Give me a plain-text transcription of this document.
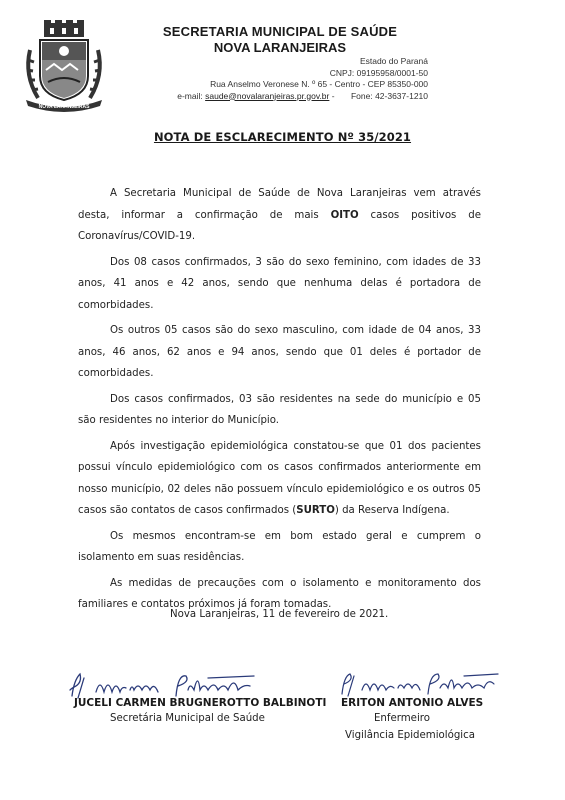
NOVA LARANJEIRAS
SECRETARIA MUNICIPAL DE SAÚDE
NOVA LARANJEIRAS
Estado do Paraná
CNPJ: 09195958/0001-50
Rua Anselmo Veronese N. º 65 - Centro - CEP 85350-000
e-mail: saude@novalaranjeiras.pr.gov.br - Fone: 42-3637-1210
NOTA DE ESCLARECIMENTO Nº 35/2021

A Secretaria Municipal de Saúde de Nova Laranjeiras vem através desta, informar a confirmação de mais OITO casos positivos de Coronavírus/COVID-19.

Dos 08 casos confirmados, 3 são do sexo feminino, com idades de 33 anos, 41 anos e 42 anos, sendo que nenhuma delas é portadora de comorbidades.

Os outros 05 casos são do sexo masculino, com idade de 04 anos, 33 anos, 46 anos, 62 anos e 94 anos, sendo que 01 deles é portador de comorbidades.

Dos casos confirmados, 03 são residentes na sede do município e 05 são residentes no interior do Município.

Após investigação epidemiológica constatou-se que 01 dos pacientes possui vínculo epidemiológico com os casos confirmados anteriormente em nosso município, 02 deles não possuem vínculo epidemiológico e os outros 05 casos são contatos de casos confirmados (SURTO) da Reserva Indígena.

Os mesmos encontram-se em bom estado geral e cumprem o isolamento em suas residências.

As medidas de precauções com o isolamento e monitoramento dos familiares e contatos próximos já foram tomadas.

Nova Laranjeiras, 11 de fevereiro de 2021.
JUCELI CARMEN BRUGNEROTTO BALBINOTI
Secretária Municipal de Saúde
ERITON ANTONIO ALVES
Enfermeiro
Vigilância Epidemiológica
